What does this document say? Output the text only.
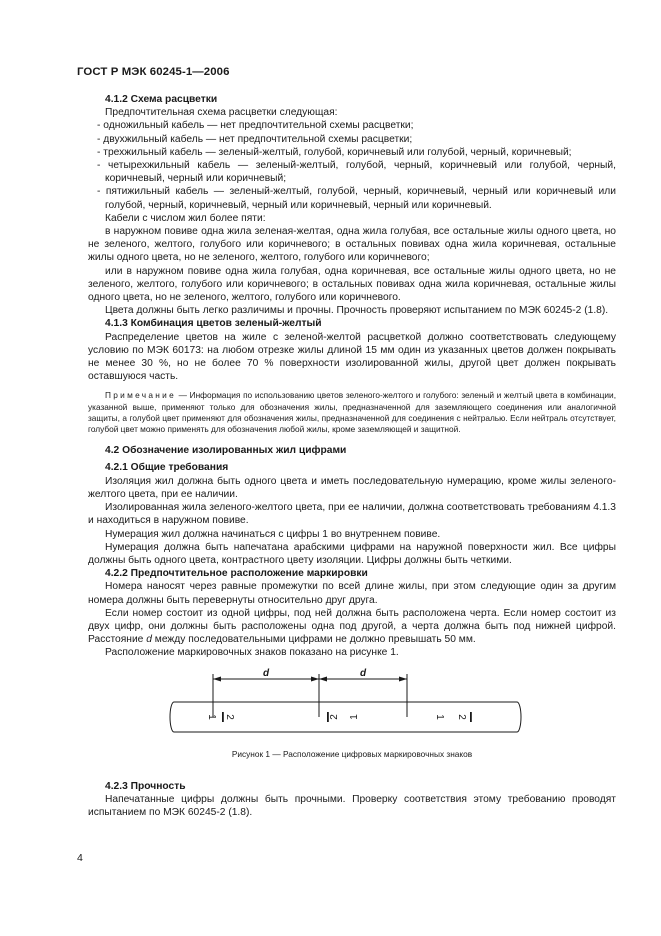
ГОСТ Р МЭК 60245-1—2006

4.1.2 Схема расцветки

Предпочтительная схема расцветки следующая:

- одножильный кабель — нет предпочтительной схемы расцветки;

- двухжильный кабель — нет предпочтительной схемы расцветки;

- трехжильный кабель — зеленый-желтый, голубой, коричневый или голубой, черный, коричневый;

- четырехжильный кабель — зеленый-желтый, голубой, черный, коричневый или голубой, черный, коричневый, черный или коричневый;

- пятижильный кабель — зеленый-желтый, голубой, черный, коричневый, черный или коричневый или голубой, черный, коричневый, черный или коричневый, черный или коричневый.

Кабели с числом жил более пяти:

в наружном повиве одна жила зеленая-желтая, одна жила голубая, все остальные жилы одного цвета, но не зеленого, желтого, голубого или коричневого; в остальных повивах одна жила коричневая, остальные жилы одного цвета, но не зеленого, желтого, голубого или коричневого;

или в наружном повиве одна жила голубая, одна коричневая, все остальные жилы одного цвета, но не зеленого, желтого, голубого или коричневого; в остальных повивах одна жила коричневая, остальные жилы одного цвета, но не зеленого, желтого, голубого или коричневого.

Цвета должны быть легко различимы и прочны. Прочность проверяют испытанием по МЭК 60245-2 (1.8).

4.1.3 Комбинация цветов зеленый-желтый

Распределение цветов на жиле с зеленой-желтой расцветкой должно соответствовать следующему условию по МЭК 60173: на любом отрезке жилы длиной 15 мм один из указанных цветов должен покрывать не менее 30 %, но не более 70 % поверхности изолированной жилы, другой цвет должен покрывать оставшуюся часть.

Примечание — Информация по использованию цветов зеленого-желтого и голубого: зеленый и желтый цвета в комбинации, указанной выше, применяют только для обозначения жилы, предназначенной для заземляющего соединения или аналогичной защиты, а голубой цвет применяют для обозначения жилы, предназначенной для соединения с нейтралью. Если нейтраль отсутствует, голубой цвет можно применять для обозначения любой жилы, кроме заземляющей и защитной.

4.2 Обозначение изолированных жил цифрами

4.2.1 Общие требования

Изоляция жил должна быть одного цвета и иметь последовательную нумерацию, кроме жилы зеленого-желтого цвета, при ее наличии.

Изолированная жила зеленого-желтого цвета, при ее наличии, должна соответствовать требованиям 4.1.3 и находиться в наружном повиве.

Нумерация жил должна начинаться с цифры 1 во внутреннем повиве.

Нумерация должна быть напечатана арабскими цифрами на наружной поверхности жил. Все цифры должны быть одного цвета, контрастного цвету изоляции. Цифры должны быть четкими.

4.2.2 Предпочтительное расположение маркировки

Номера наносят через равные промежутки по всей длине жилы, при этом следующие один за другим номера должны быть перевернуты относительно друг друга.

Если номер состоит из одной цифры, под ней должна быть расположена черта. Если номер состоит из двух цифр, они должны быть расположены одна под другой, а черта должна быть под нижней цифрой. Расстояние d между последовательными цифрами не должно превышать 50 мм.

Расположение маркировочных знаков показано на рисунке 1.

d	d
1 2	2 1	1 2

Рисунок 1 — Расположение цифровых маркировочных знаков

4.2.3 Прочность

Напечатанные цифры должны быть прочными. Проверку соответствия этому требованию проводят испытанием по МЭК 60245-2 (1.8).

4
